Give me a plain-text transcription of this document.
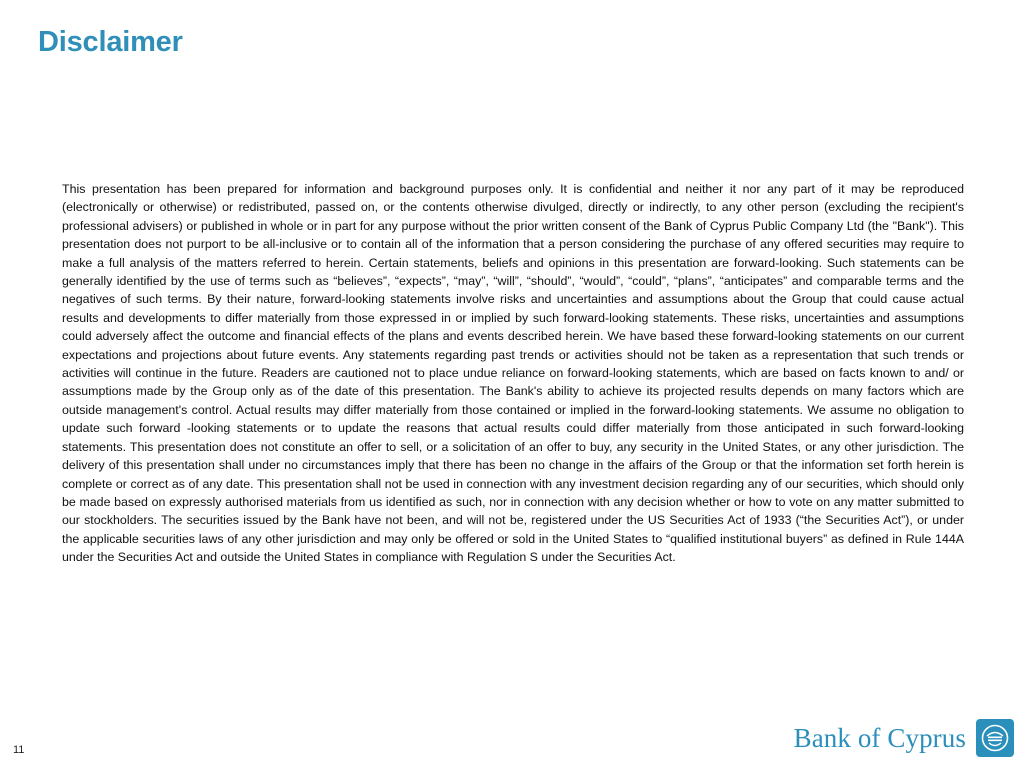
Disclaimer

This presentation has been prepared for information and background purposes only. It is confidential and neither it nor any part of it may be reproduced (electronically or otherwise) or redistributed, passed on, or the contents otherwise divulged, directly or indirectly, to any other person (excluding the recipient's professional advisers) or published in whole or in part for any purpose without the prior written consent of the Bank of Cyprus Public Company Ltd (the "Bank"). This presentation does not purport to be all-inclusive or to contain all of the information that a person considering the purchase of any offered securities may require to make a full analysis of the matters referred to herein. Certain statements, beliefs and opinions in this presentation are forward-looking. Such statements can be generally identified by the use of terms such as “believes”, “expects”, “may”, “will”, “should”, “would”, “could”, “plans”, “anticipates” and comparable terms and the negatives of such terms. By their nature, forward-looking statements involve risks and uncertainties and assumptions about the Group that could cause actual results and developments to differ materially from those expressed in or implied by such forward-looking statements. These risks, uncertainties and assumptions could adversely affect the outcome and financial effects of the plans and events described herein. We have based these forward-looking statements on our current expectations and projections about future events. Any statements regarding past trends or activities should not be taken as a representation that such trends or activities will continue in the future. Readers are cautioned not to place undue reliance on forward-looking statements, which are based on facts known to and/ or assumptions made by the Group only as of the date of this presentation. The Bank's ability to achieve its projected results depends on many factors which are outside management's control. Actual results may differ materially from those contained or implied in the forward-looking statements. We assume no obligation to update such forward -looking statements or to update the reasons that actual results could differ materially from those anticipated in such forward-looking statements. This presentation does not constitute an offer to sell, or a solicitation of an offer to buy, any security in the United States, or any other jurisdiction. The delivery of this presentation shall under no circumstances imply that there has been no change in the affairs of the Group or that the information set forth herein is complete or correct as of any date. This presentation shall not be used in connection with any investment decision regarding any of our securities, which should only be made based on expressly authorised materials from us identified as such, nor in connection with any decision whether or how to vote on any matter submitted to our stockholders. The securities issued by the Bank have not been, and will not be, registered under the US Securities Act of 1933 (“the Securities Act”), or under the applicable securities laws of any other jurisdiction and may only be offered or sold in the United States to “qualified institutional buyers” as defined in Rule 144A under the Securities Act and outside the United States in compliance with Regulation S under the Securities Act.

11	Bank of Cyprus
